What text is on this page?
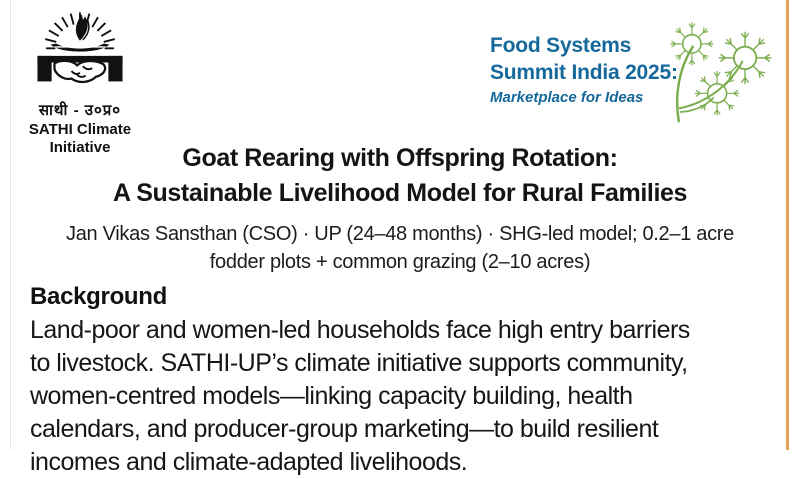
साथी - उ०प्र०
SATHI Climate
Initiative
Food Systems
Summit India 2025:
Marketplace for Ideas
Goat Rearing with Offspring Rotation:
A Sustainable Livelihood Model for Rural Families
Jan Vikas Sansthan (CSO) · UP (24–48 months) · SHG-led model; 0.2–1 acre
fodder plots + common grazing (2–10 acres)
Background
Land-poor and women-led households face high entry barriers
to livestock. SATHI-UP’s climate initiative supports community,
women-centred models—linking capacity building, health
calendars, and producer-group marketing—to build resilient
incomes and climate-adapted livelihoods.
